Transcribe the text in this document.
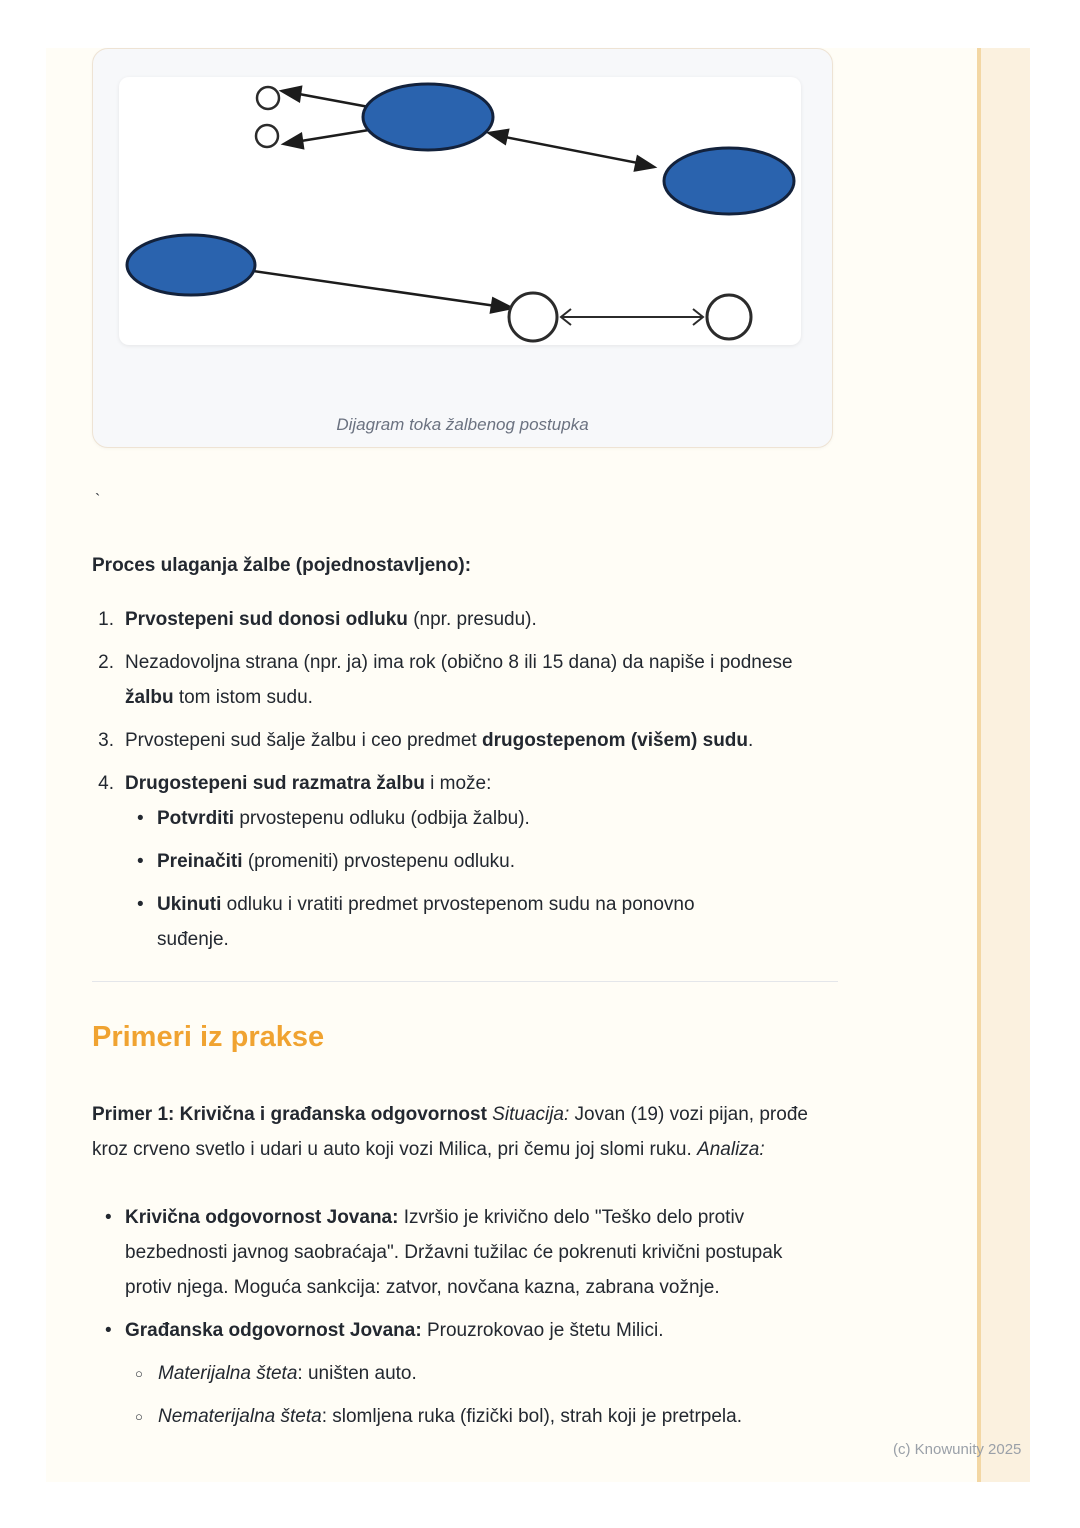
Dijagram toka žalbenog postupka
`
Proces ulaganja žalbe (pojednostavljeno):
1. Prvostepeni sud donosi odluku (npr. presudu).
2. Nezadovoljna strana (npr. ja) ima rok (obično 8 ili 15 dana) da napiše i podnese žalbu tom istom sudu.
3. Prvostepeni sud šalje žalbu i ceo predmet drugostepenom (višem) sudu.
4. Drugostepeni sud razmatra žalbu i može:
• Potvrditi prvostepenu odluku (odbija žalbu).
• Preinačiti (promeniti) prvostepenu odluku.
• Ukinuti odluku i vratiti predmet prvostepenom sudu na ponovno suđenje.
Primeri iz prakse

Primer 1: Krivična i građanska odgovornost Situacija: Jovan (19) vozi pijan, prođe kroz crveno svetlo i udari u auto koji vozi Milica, pri čemu joj slomi ruku. Analiza:

• Krivična odgovornost Jovana: Izvršio je krivično delo "Teško delo protiv bezbednosti javnog saobraćaja". Državni tužilac će pokrenuti krivični postupak protiv njega. Moguća sankcija: zatvor, novčana kazna, zabrana vožnje.
• Građanska odgovornost Jovana: Prouzrokovao je štetu Milici.
○ Materijalna šteta: uništen auto.
○ Nematerijalna šteta: slomljena ruka (fizički bol), strah koji je pretrpela.
(c) Knowunity 2025
